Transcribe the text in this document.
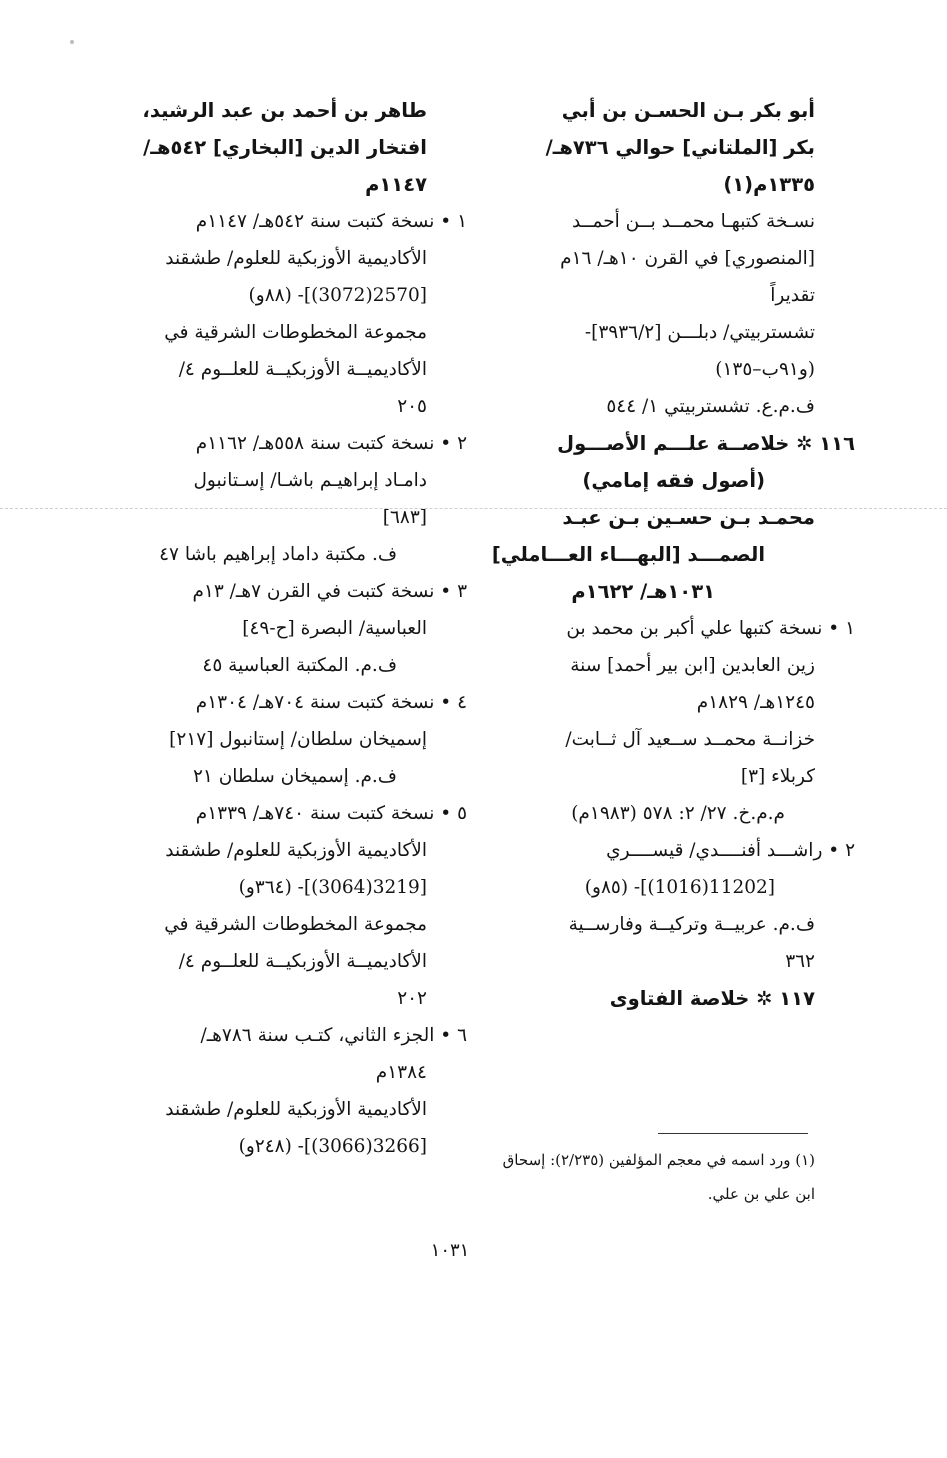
أبو بكر بـن الحسـن بن أبي
بكر [الملتاني] حوالي ٧٣٦هـ/
١٣٣٥م(١)
نسـخة كتبهـا محمــد بــن أحمــد
[المنصوري] في القرن ١٠هـ/ ١٦م
تقديراً
تشستربيتي/ دبلـــن [٣٩٣٦/٢]-
(و٩١ب–١٣٥)
ف.م.ع. تشستربيتي ١/ ٥٤٤
١١٦ ✲ خلاصــة علـــم الأصـــول
(أصول فقه إمامي)
محمـد بـن حسـين بـن عبـد
الصمـــد [البهـــاء العـــاملي]
١٠٣١هـ/ ١٦٢٢م
١ • نسخة كتبها علي أكبر بن محمد بن
زين العابدين [ابن بير أحمد] سنة
١٢٤٥هـ/ ١٨٢٩م
خزانــة محمــد ســعيد آل ثــابت/
كربلاء [٣]
م.م.خ. ٢٧/ ٢: ٥٧٨ (١٩٨٣م)
٢ • راشـــد أفنــــدي/ قيســــري
[11202(1016)]- (٨٥و)
ف.م. عربيــة وتركيــة وفارســية
٣٦٢
١١٧ ✲ خلاصة الفتاوى
طاهر بن أحمد بن عبد الرشيد،
افتخار الدين [البخاري] ٥٤٢هـ/
١١٤٧م
١ • نسخة كتبت سنة ٥٤٢هـ/ ١١٤٧م
الأكاديمية الأوزبكية للعلوم/ طشقند
[2570(3072)]- (٨٨و)
مجموعة المخطوطات الشرقية في
الأكاديميــة الأوزبكيــة للعلــوم ٤/
٢٠٥
٢ • نسخة كتبت سنة ٥٥٨هـ/ ١١٦٢م
دامـاد إبراهيـم باشـا/ إسـتانبول
[٦٨٣]
ف. مكتبة داماد إبراهيم باشا ٤٧
٣ • نسخة كتبت في القرن ٧هـ/ ١٣م
العباسية/ البصرة [ح-٤٩]
ف.م. المكتبة العباسية ٤٥
٤ • نسخة كتبت سنة ٧٠٤هـ/ ١٣٠٤م
إسميخان سلطان/ إستانبول [٢١٧]
ف.م. إسميخان سلطان ٢١
٥ • نسخة كتبت سنة ٧٤٠هـ/ ١٣٣٩م
الأكاديمية الأوزبكية للعلوم/ طشقند
[3219(3064)]- (٣٦٤و)
مجموعة المخطوطات الشرقية في
الأكاديميــة الأوزبكيــة للعلــوم ٤/
٢٠٢
٦ • الجزء الثاني، كتـب سنة ٧٨٦هـ/
١٣٨٤م
الأكاديمية الأوزبكية للعلوم/ طشقند
[3266(3066)]- (٢٤٨و)
(١) ورد اسمه في معجم المؤلفين (٢/٢٣٥): إسحاق
ابن علي بن علي.
١٠٣١
